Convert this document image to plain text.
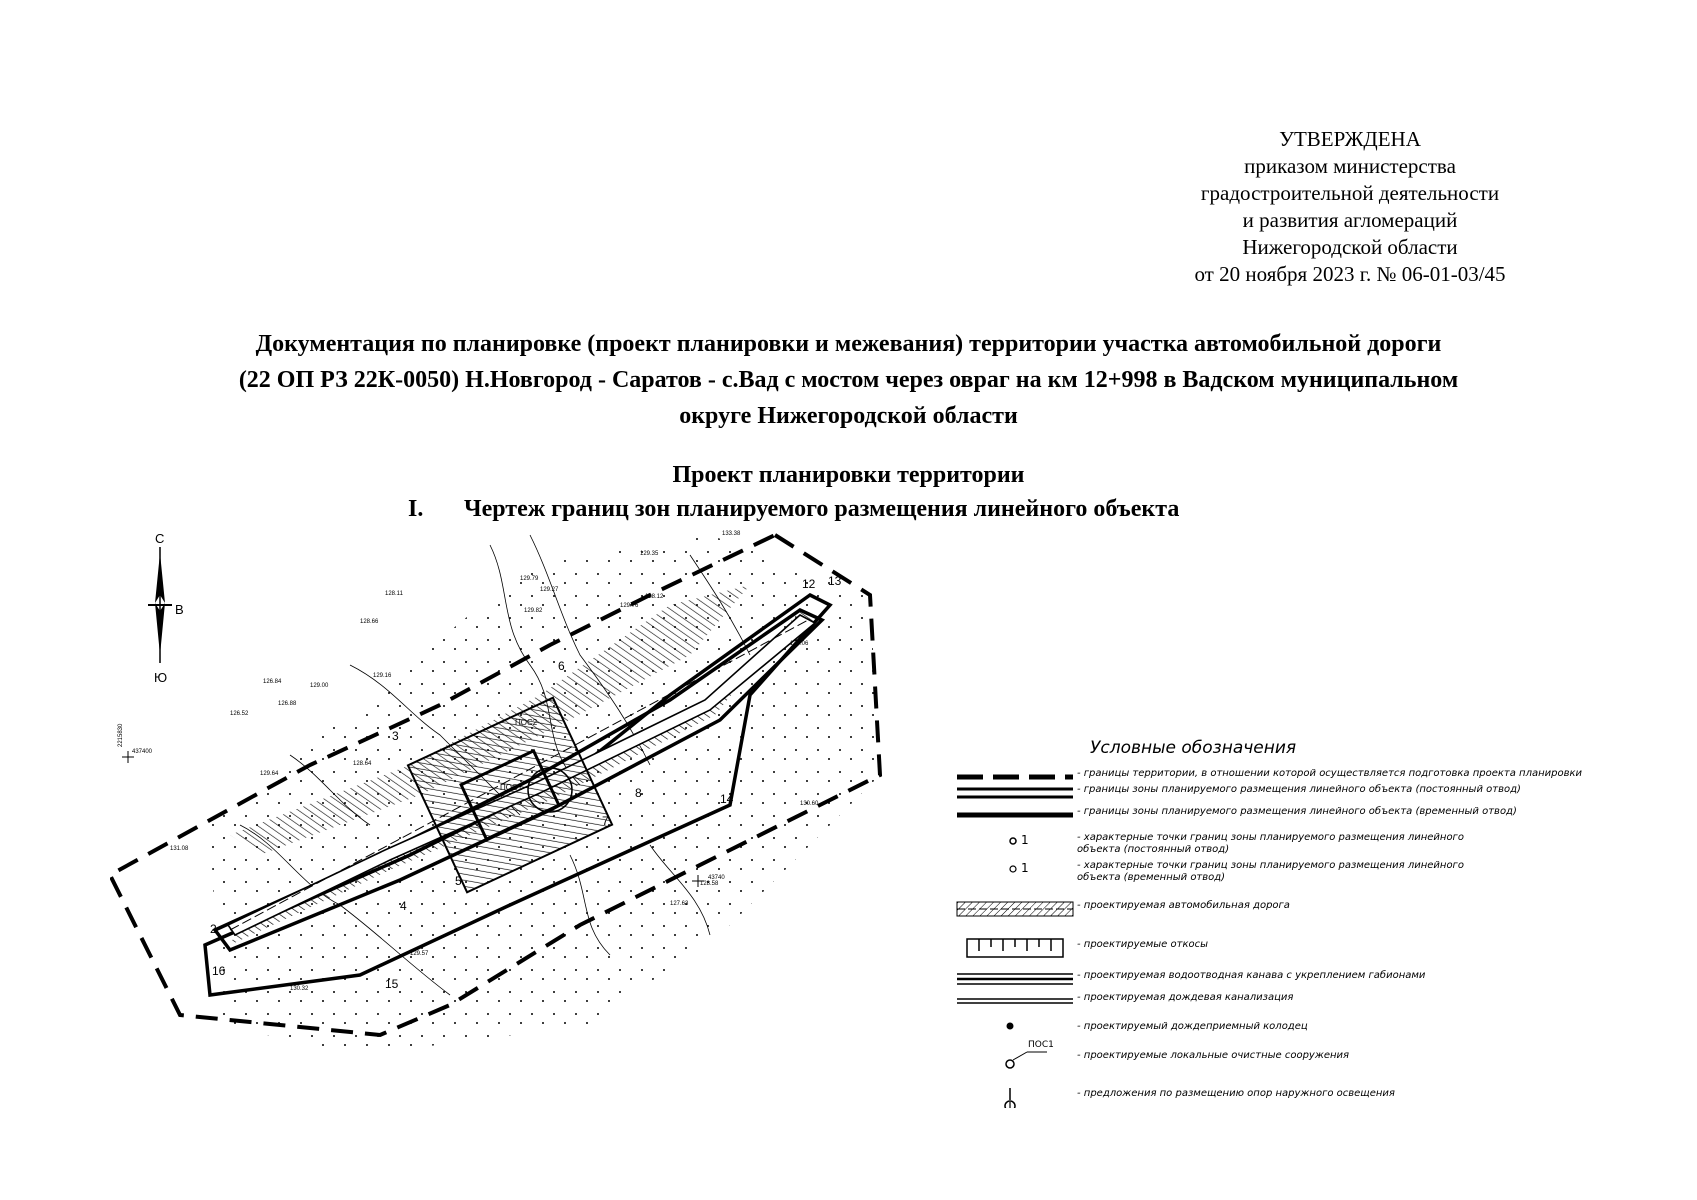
УТВЕРЖДЕНА
приказом министерства
градостроительной деятельности
и развития агломераций
Нижегородской области
от 20 ноября 2023 г. № 06-01-03/45
Документация по планировке (проект планировки и межевания) территории участка автомобильной дороги
(22 ОП РЗ 22К-0050) Н.Новгород - Саратов - с.Вад с мостом через овраг на км 12+998 в Вадском муниципальном
округе Нижегородской области
Проект планировки территории
I. Чертеж границ зон планируемого размещения линейного объекта
С
В
Ю
437400
2215830
2
3
4
5
6
7
8
12 13
14
15
16
ПОС1
ПОС2
129.35
129.79
133.38
129.27
128.64
128.11
129.00
129.16
129.76
129.82
126.84
126.88
126.52
128.66
128.12
129.06
130.60
131.08
129.57
129.64
130.32
127.63
128.58
43740
Условные обозначения
- границы территории, в отношении которой осуществляется подготовка проекта планировки
- границы зоны планируемого размещения линейного объекта (постоянный отвод)
- границы зоны планируемого размещения линейного объекта (временный отвод)
1	- характерные точки границ зоны планируемого размещения линейного объекта (постоянный отвод)
1	- характерные точки границ зоны планируемого размещения линейного объекта (временный отвод)
- проектируемая автомобильная дорога
- проектируемые откосы
- проектируемая водоотводная канава с укреплением габионами
- проектируемая дождевая канализация
- проектируемый дождеприемный колодец
ПОС1
- проектируемые локальные очистные сооружения
- предложения по размещению опор наружного освещения
